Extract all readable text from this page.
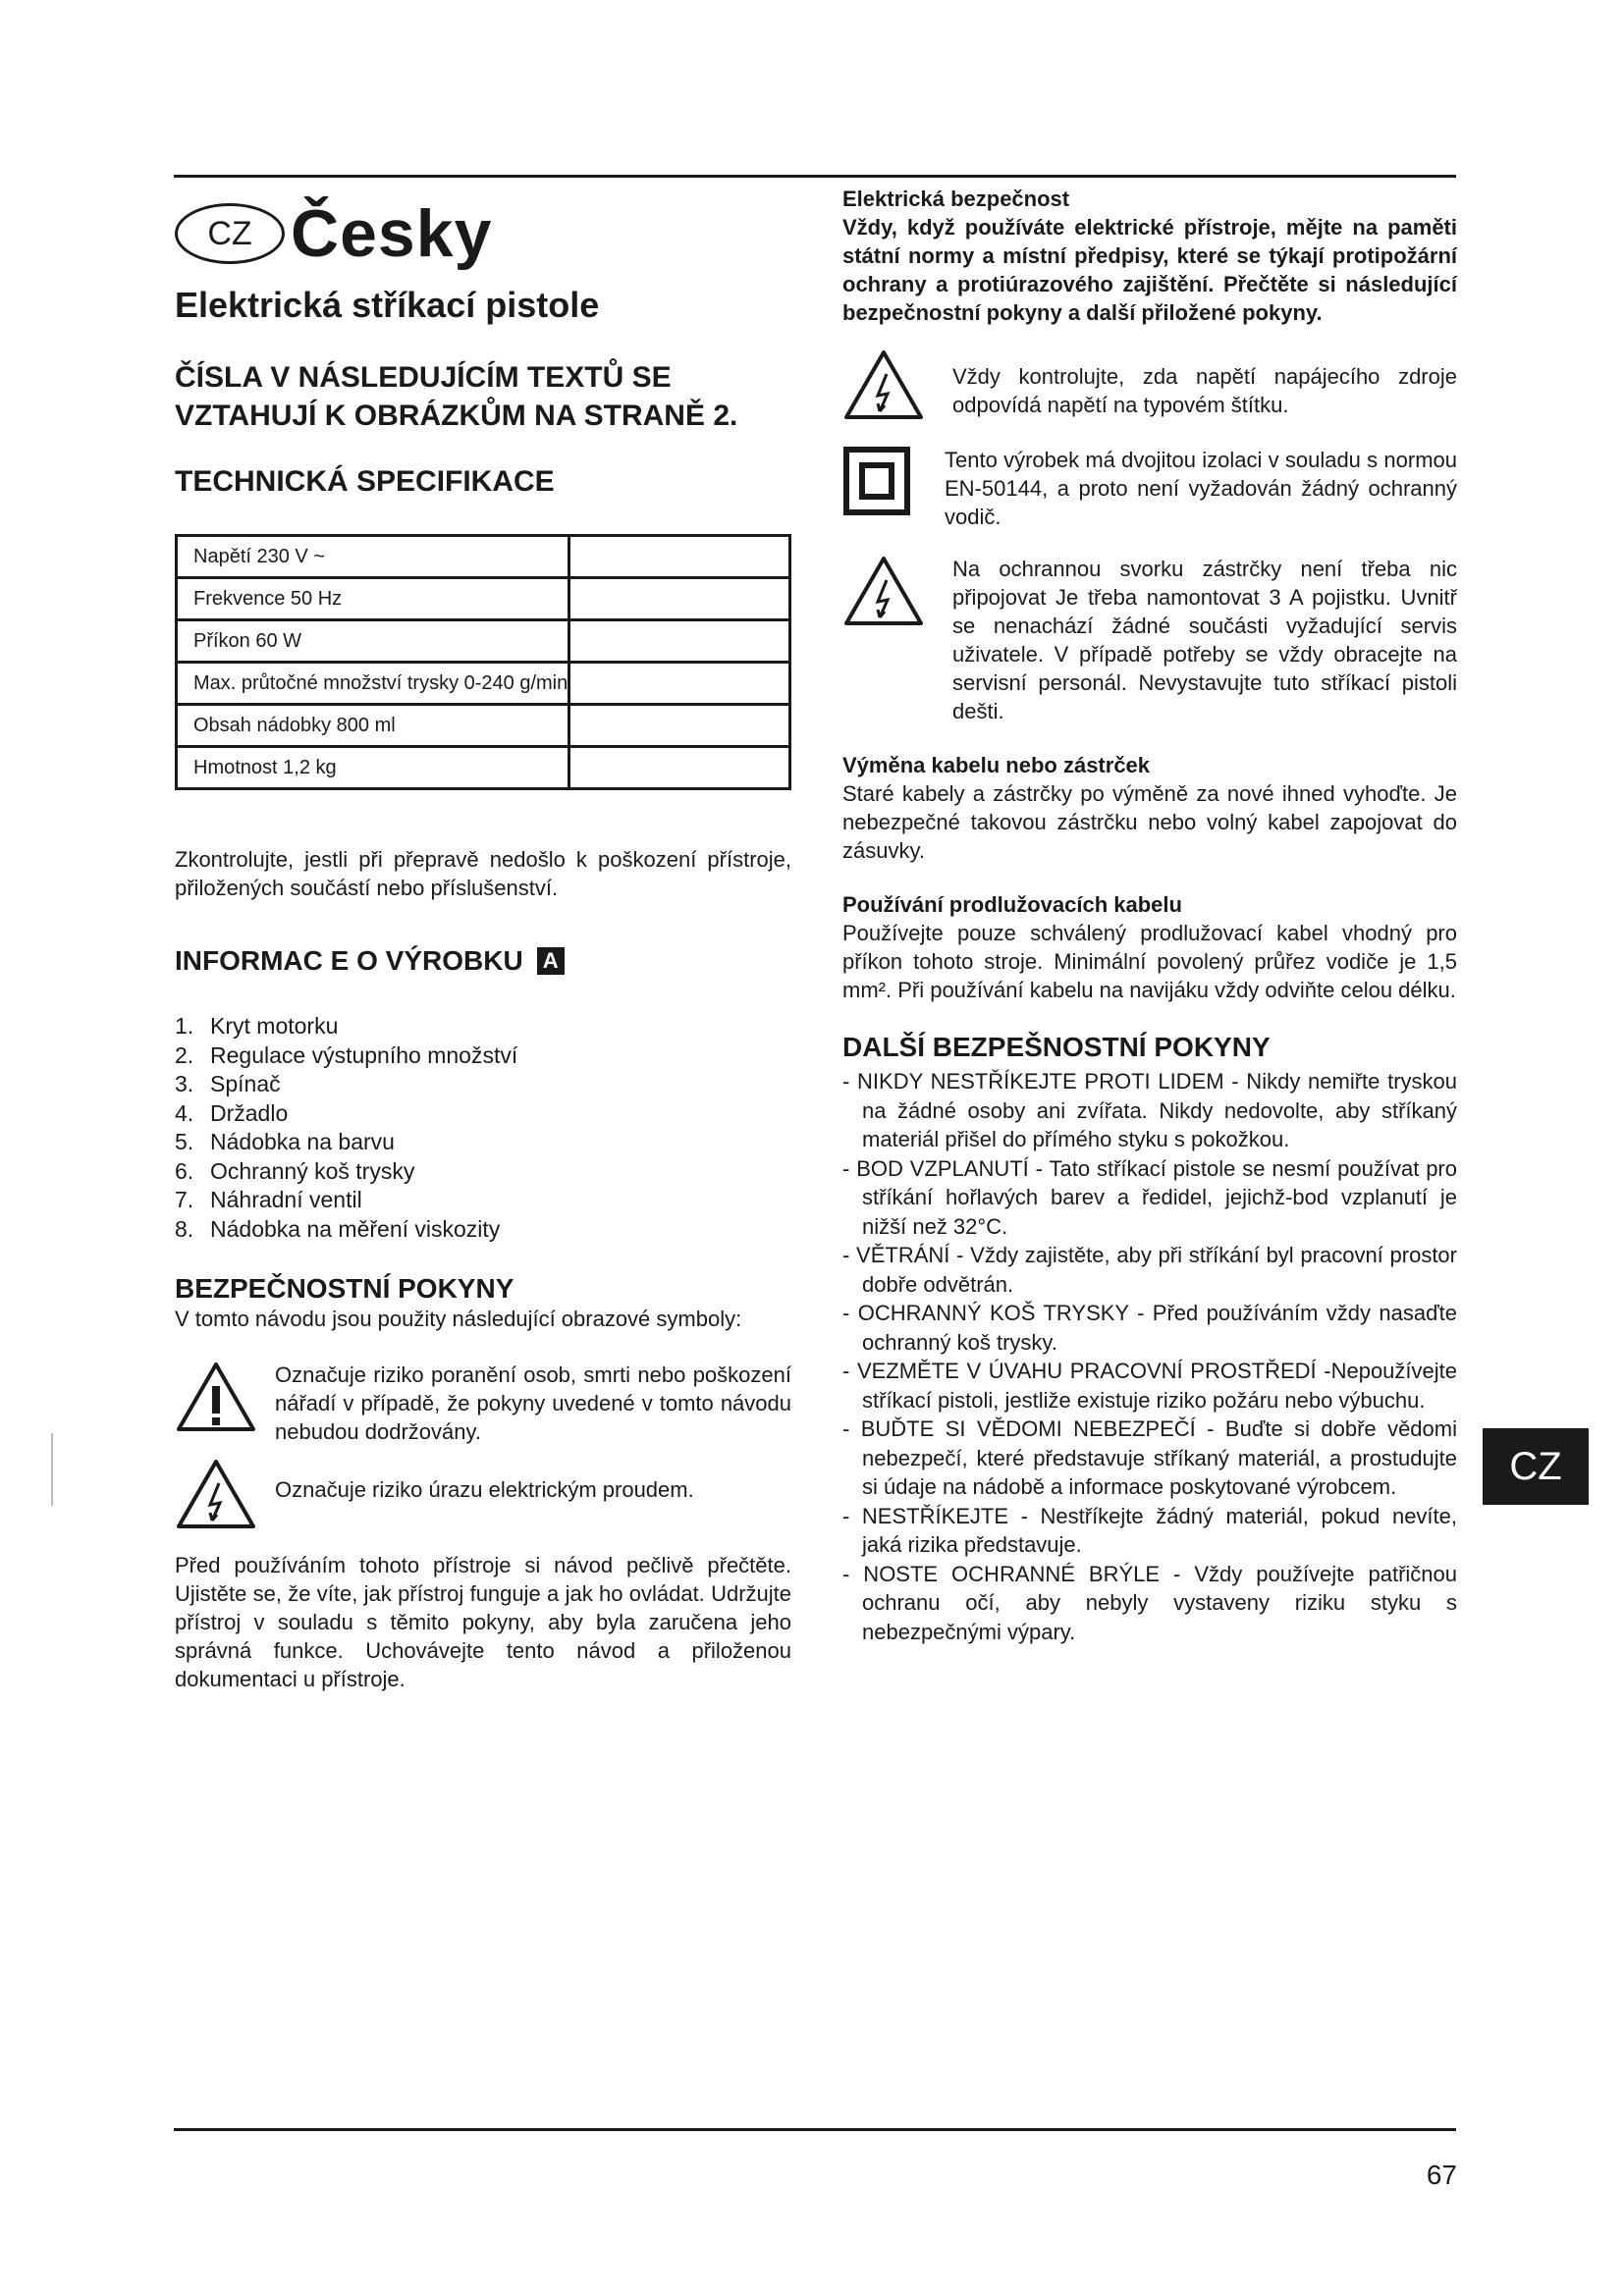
CZ Česky
Elektrická stříkací pistole

ČÍSLA V NÁSLEDUJÍCÍM TEXTŮ SE

VZTAHUJÍ K OBRÁZKŮM NA STRANĚ 2.

TECHNICKÁ SPECIFIKACE

Napětí 230 V ~	
Frekvence 50 Hz	
Příkon 60 W	
Max. průtočné množství trysky 0-240 g/min	
Obsah nádobky 800 ml	
Hmotnost 1,2 kg	

Zkontrolujte, jestli při přepravě nedošlo k poškození přístroje, přiložených součástí nebo příslušenství.

INFORMAC E O VÝROBKU A
1. Kryt motorku
2. Regulace výstupního množství
3. Spínač
4. Držadlo
5. Nádobka na barvu
6. Ochranný koš trysky
7. Náhradní ventil
8. Nádobka na měření viskozity

BEZPEČNOSTNÍ POKYNY

V tomto návodu jsou použity následující obrazové symboly:

Označuje riziko poranění osob, smrti nebo poškození nářadí v případě, že pokyny uvedené v tomto návodu nebudou dodržovány.

Označuje riziko úrazu elektrickým proudem.

Před používáním tohoto přístroje si návod pečlivě přečtěte. Ujistěte se, že víte, jak přístroj funguje a jak ho ovládat. Udržujte přístroj v souladu s těmito pokyny, aby byla zaručena jeho správná funkce. Uchovávejte tento návod a přiloženou dokumentaci u přístroje.

Elektrická bezpečnost

Vždy, když používáte elektrické přístroje, mějte na paměti státní normy a místní předpisy, které se týkají protipožární ochrany a protiúrazového zajištění. Přečtěte si následující bezpečnostní pokyny a další přiložené pokyny.

Vždy kontrolujte, zda napětí napájecího zdroje odpovídá napětí na typovém štítku.

Tento výrobek má dvojitou izolaci v souladu s normou EN-50144, a proto není vyžadován žádný ochranný vodič.

Na ochrannou svorku zástrčky není třeba nic připojovat Je třeba namontovat 3 A pojistku. Uvnitř se nenachází žádné součásti vyžadující servis uživatele. V případě potřeby se vždy obracejte na servisní personál. Nevystavujte tuto stříkací pistoli dešti.

Výměna kabelu nebo zástrček

Staré kabely a zástrčky po výměně za nové ihned vyhoďte. Je nebezpečné takovou zástrčku nebo volný kabel zapojovat do zásuvky.

Používání prodlužovacích kabelu

Používejte pouze schválený prodlužovací kabel vhodný pro příkon tohoto stroje. Minimální povolený průřez vodiče je 1,5 mm². Při používání kabelu na navijáku vždy odviňte celou délku.

DALŠÍ BEZPEŠNOSTNÍ POKYNY

- NIKDY NESTŘÍKEJTE PROTI LIDEM - Nikdy nemiřte tryskou na žádné osoby ani zvířata. Nikdy nedovolte, aby stříkaný materiál přišel do přímého styku s pokožkou.
- BOD VZPLANUTÍ - Tato stříkací pistole se nesmí používat pro stříkání hořlavých barev a ředidel, jejichž-bod vzplanutí je nižší než 32°C.
- VĚTRÁNÍ - Vždy zajistěte, aby při stříkání byl pracovní prostor dobře odvětrán.
- OCHRANNÝ KOŠ TRYSKY - Před používáním vždy nasaďte ochranný koš trysky.
- VEZMĚTE V ÚVAHU PRACOVNÍ PROSTŘEDÍ -Nepoužívejte stříkací pistoli, jestliže existuje riziko požáru nebo výbuchu.
- BUĎTE SI VĚDOMI NEBEZPEČÍ - Buďte si dobře vědomi nebezpečí, které představuje stříkaný materiál, a prostudujte si údaje na nádobě a informace poskytované výrobcem.
- NESTŘÍKEJTE - Nestříkejte žádný materiál, pokud nevíte, jaká rizika představuje.
- NOSTE OCHRANNÉ BRÝLE - Vždy používejte patřičnou ochranu očí, aby nebyly vystaveny riziku styku s nebezpečnými výpary.
CZ
67
